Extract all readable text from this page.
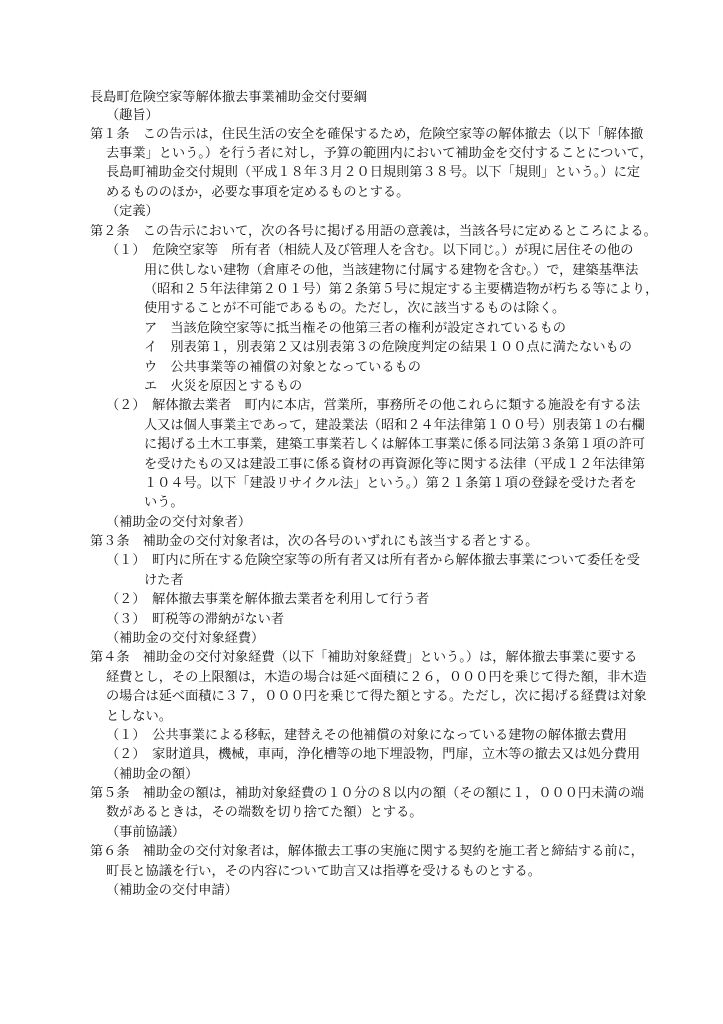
長島町危険空家等解体撤去事業補助金交付要綱
（趣旨）
第１条　この告示は，住民生活の安全を確保するため，危険空家等の解体撤去（以下「解体撤
去事業」という。）を行う者に対し，予算の範囲内において補助金を交付することについて，
長島町補助金交付規則（平成１８年３月２０日規則第３８号。以下「規則」という。）に定
めるもののほか，必要な事項を定めるものとする。
（定義）
第２条　この告示において，次の各号に掲げる用語の意義は，当該各号に定めるところによる。
（１）　危険空家等　所有者（相続人及び管理人を含む。以下同じ。）が現に居住その他の
用に供しない建物（倉庫その他，当該建物に付属する建物を含む。）で，建築基準法
（昭和２５年法律第２０１号）第２条第５号に規定する主要構造物が朽ちる等により，
使用することが不可能であるもの。ただし，次に該当するものは除く。
ア　当該危険空家等に抵当権その他第三者の権利が設定されているもの
イ　別表第１，別表第２又は別表第３の危険度判定の結果１００点に満たないもの
ウ　公共事業等の補償の対象となっているもの
エ　火災を原因とするもの
（２）　解体撤去業者　町内に本店，営業所，事務所その他これらに類する施設を有する法
人又は個人事業主であって，建設業法（昭和２４年法律第１００号）別表第１の右欄
に掲げる土木工事業，建築工事業若しくは解体工事業に係る同法第３条第１項の許可
を受けたもの又は建設工事に係る資材の再資源化等に関する法律（平成１２年法律第
１０４号。以下「建設リサイクル法」という。）第２１条第１項の登録を受けた者を
いう。
（補助金の交付対象者）
第３条　補助金の交付対象者は，次の各号のいずれにも該当する者とする。
（１）　町内に所在する危険空家等の所有者又は所有者から解体撤去事業について委任を受
けた者
（２）　解体撤去事業を解体撤去業者を利用して行う者
（３）　町税等の滞納がない者
（補助金の交付対象経費）
第４条　補助金の交付対象経費（以下「補助対象経費」という。）は，解体撤去事業に要する
経費とし，その上限額は，木造の場合は延べ面積に２６，０００円を乗じて得た額，非木造
の場合は延べ面積に３７，０００円を乗じて得た額とする。ただし，次に掲げる経費は対象
としない。
（１）　公共事業による移転，建替えその他補償の対象になっている建物の解体撤去費用
（２）　家財道具，機械，車両，浄化槽等の地下埋設物，門扉，立木等の撤去又は処分費用
（補助金の額）
第５条　補助金の額は，補助対象経費の１０分の８以内の額（その額に１，０００円未満の端
数があるときは，その端数を切り捨てた額）とする。
（事前協議）
第６条　補助金の交付対象者は，解体撤去工事の実施に関する契約を施工者と締結する前に，
町長と協議を行い，その内容について助言又は指導を受けるものとする。
（補助金の交付申請）
